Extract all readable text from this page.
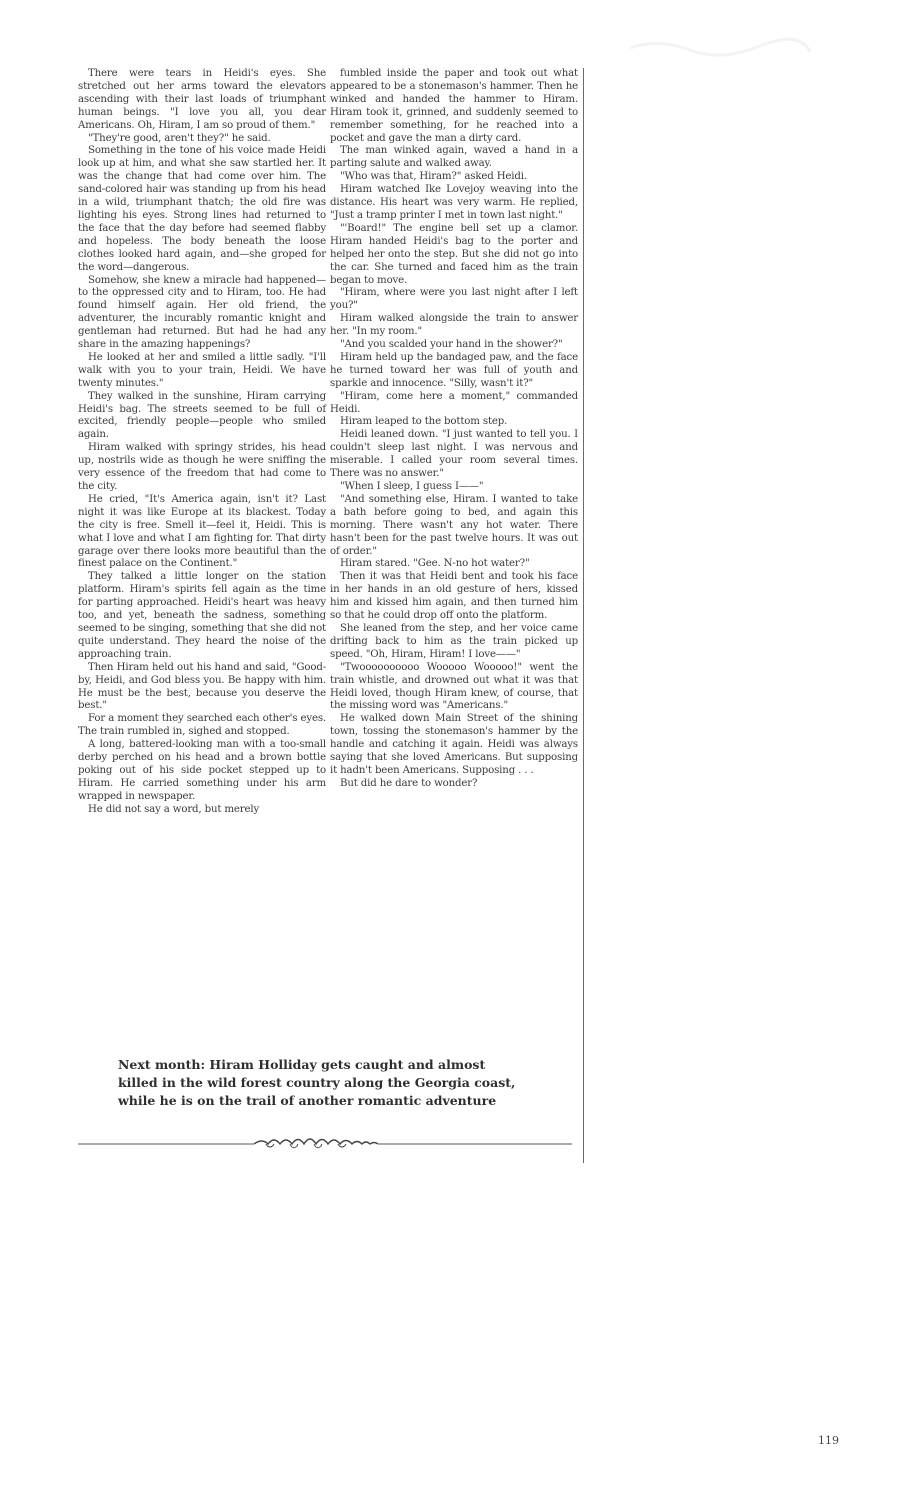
There were tears in Heidi's eyes. She stretched out her arms toward the elevators ascending with their last loads of triumphant human beings. "I love you all, you dear Americans. Oh, Hiram, I am so proud of them."

"They're good, aren't they?" he said.

Something in the tone of his voice made Heidi look up at him, and what she saw startled her. It was the change that had come over him. The sand-colored hair was standing up from his head in a wild, triumphant thatch; the old fire was lighting his eyes. Strong lines had returned to the face that the day before had seemed flabby and hopeless. The body beneath the loose clothes looked hard again, and—she groped for the word—dangerous.

Somehow, she knew a miracle had happened—to the oppressed city and to Hiram, too. He had found himself again. Her old friend, the adventurer, the incurably romantic knight and gentleman had returned. But had he had any share in the amazing happenings?

He looked at her and smiled a little sadly. "I'll walk with you to your train, Heidi. We have twenty minutes."

They walked in the sunshine, Hiram carrying Heidi's bag. The streets seemed to be full of excited, friendly people—people who smiled again.

Hiram walked with springy strides, his head up, nostrils wide as though he were sniffing the very essence of the freedom that had come to the city.

He cried, "It's America again, isn't it? Last night it was like Europe at its blackest. Today the city is free. Smell it—feel it, Heidi. This is what I love and what I am fighting for. That dirty garage over there looks more beautiful than the finest palace on the Continent."

They talked a little longer on the station platform. Hiram's spirits fell again as the time for parting approached. Heidi's heart was heavy too, and yet, beneath the sadness, something seemed to be singing, something that she did not quite understand. They heard the noise of the approaching train.

Then Hiram held out his hand and said, "Good-by, Heidi, and God bless you. Be happy with him. He must be the best, because you deserve the best."

For a moment they searched each other's eyes. The train rumbled in, sighed and stopped.

A long, battered-looking man with a too-small derby perched on his head and a brown bottle poking out of his side pocket stepped up to Hiram. He carried something under his arm wrapped in newspaper.

He did not say a word, but merely

fumbled inside the paper and took out what appeared to be a stonemason's hammer. Then he winked and handed the hammer to Hiram. Hiram took it, grinned, and suddenly seemed to remember something, for he reached into a pocket and gave the man a dirty card.

The man winked again, waved a hand in a parting salute and walked away.

"Who was that, Hiram?" asked Heidi.

Hiram watched Ike Lovejoy weaving into the distance. His heart was very warm. He replied, "Just a tramp printer I met in town last night."

"'Board!" The engine bell set up a clamor. Hiram handed Heidi's bag to the porter and helped her onto the step. But she did not go into the car. She turned and faced him as the train began to move.

"Hiram, where were you last night after I left you?"

Hiram walked alongside the train to answer her. "In my room."

"And you scalded your hand in the shower?"

Hiram held up the bandaged paw, and the face he turned toward her was full of youth and sparkle and innocence. "Silly, wasn't it?"

"Hiram, come here a moment," commanded Heidi.

Hiram leaped to the bottom step.

Heidi leaned down. "I just wanted to tell you. I couldn't sleep last night. I was nervous and miserable. I called your room several times. There was no answer."

"When I sleep, I guess I——"

"And something else, Hiram. I wanted to take a bath before going to bed, and again this morning. There wasn't any hot water. There hasn't been for the past twelve hours. It was out of order."

Hiram stared. "Gee. N-no hot water?"

Then it was that Heidi bent and took his face in her hands in an old gesture of hers, kissed him and kissed him again, and then turned him so that he could drop off onto the platform.

She leaned from the step, and her voice came drifting back to him as the train picked up speed. "Oh, Hiram, Hiram! I love——"

"Twoooooooooo Wooooo Wooooo!" went the train whistle, and drowned out what it was that Heidi loved, though Hiram knew, of course, that the missing word was "Americans."

He walked down Main Street of the shining town, tossing the stonemason's hammer by the handle and catching it again. Heidi was always saying that she loved Americans. But supposing it hadn't been Americans. Supposing . . .

But did he dare to wonder?

Next month: Hiram Holliday gets caught and almost
killed in the wild forest country along the Georgia coast,
while he is on the trail of another romantic adventure
119
